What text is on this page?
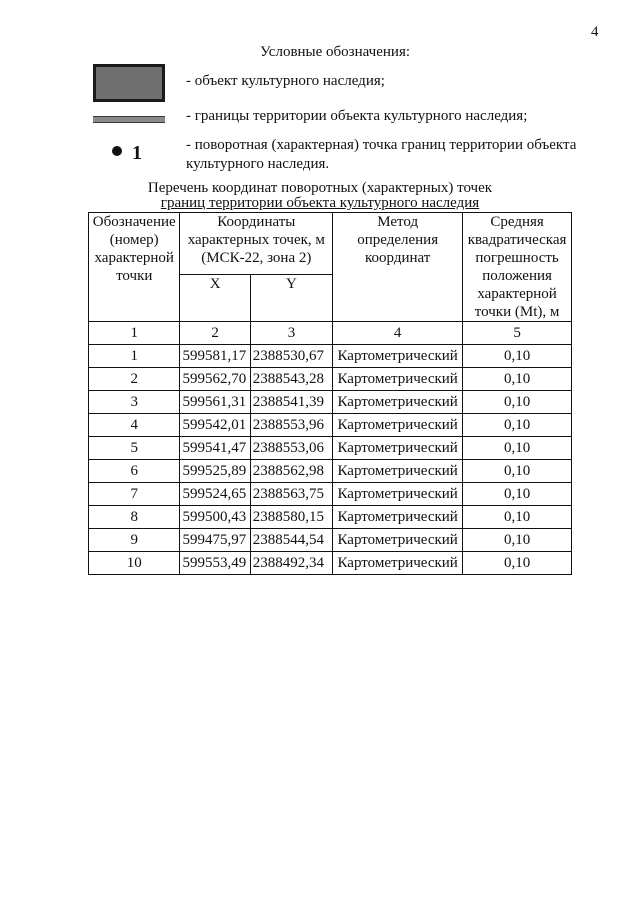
4
Условные обозначения:
- объект культурного наследия;
- границы территории объекта культурного наследия;
1	- поворотная (характерная) точка границ территории объекта культурного наследия.
Перечень координат поворотных (характерных) точек
границ территории объекта культурного наследия
Обозначение (номер) характерной точки	Координаты характерных точек, м (МСК-22, зона 2)		Метод определения координат	Средняя квадратическая погрешность положения характерной точки (Mt), м
	X	Y		
1	2	3	4	5
1	599581,17	2388530,67	Картометрический	0,10
2	599562,70	2388543,28	Картометрический	0,10
3	599561,31	2388541,39	Картометрический	0,10
4	599542,01	2388553,96	Картометрический	0,10
5	599541,47	2388553,06	Картометрический	0,10
6	599525,89	2388562,98	Картометрический	0,10
7	599524,65	2388563,75	Картометрический	0,10
8	599500,43	2388580,15	Картометрический	0,10
9	599475,97	2388544,54	Картометрический	0,10
10	599553,49	2388492,34	Картометрический	0,10
